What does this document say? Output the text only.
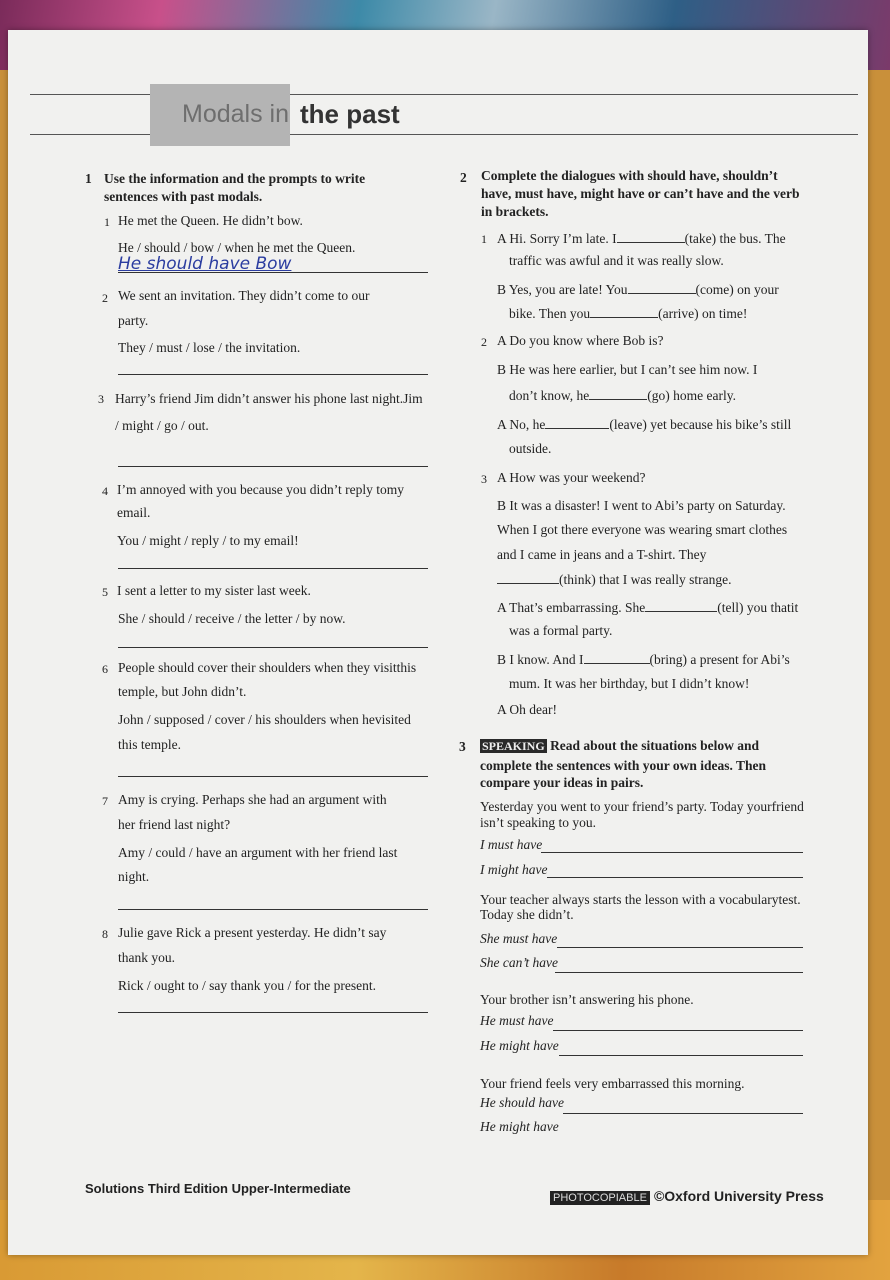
Modals in the past
1 Use the information and the prompts to write
sentences with past modals.
1 He met the Queen. He didn’t bow.
He / should / bow / when he met the Queen.
He should have Bow
2 We sent an invitation. They didn’t come to our
party.
They / must / lose / the invitation.
3 Harry’s friend Jim didn’t answer his phone last night.Jim
/ might / go / out.
4 I’m annoyed with you because you didn’t reply tomy
email.
You / might / reply / to my email!
5 I sent a letter to my sister last week.
She / should / receive / the letter / by now.
6 People should cover their shoulders when they visitthis
temple, but John didn’t.
John / supposed / cover / his shoulders when hevisited
this temple.
7 Amy is crying. Perhaps she had an argument with
her friend last night?
Amy / could / have an argument with her friend last
night.
8 Julie gave Rick a present yesterday. He didn’t say
thank you.
Rick / ought to / say thank you / for the present.
2 Complete the dialogues with should have, shouldn’t
have, must have, might have or can’t have and the verb
in brackets.
1 A Hi. Sorry I’m late. I	(take) the bus. The
traffic was awful and it was really slow.
B Yes, you are late! You	(come) on your
bike. Then you	(arrive) on time!
2 A Do you know where Bob is?
B He was here earlier, but I can’t see him now. I
don’t know, he	(go) home early.
A No, he	(leave) yet because his bike’s still
outside.
3 A How was your weekend?
B It was a disaster! I went to Abi’s party on Saturday.
When I got there everyone was wearing smart clothes
and I came in jeans and a T-shirt. They
(think) that I was really strange.
A That’s embarrassing. She	(tell) you thatit
was a formal party.
B I know. And I	(bring) a present for Abi’s
mum. It was her birthday, but I didn’t know!
A Oh dear!
3 SPEAKING Read about the situations below and
complete the sentences with your own ideas. Then
compare your ideas in pairs.
Yesterday you went to your friend’s party. Today yourfriend
isn’t speaking to you.
I must have
I might have
Your teacher always starts the lesson with a vocabularytest.
Today she didn’t.
She must have
She can’t have
Your brother isn’t answering his phone.
He must have
He might have
Your friend feels very embarrassed this morning.
He should have
He might have
Solutions Third Edition Upper-Intermediate
PHOTOCOPIABLE ©Oxford University Press
